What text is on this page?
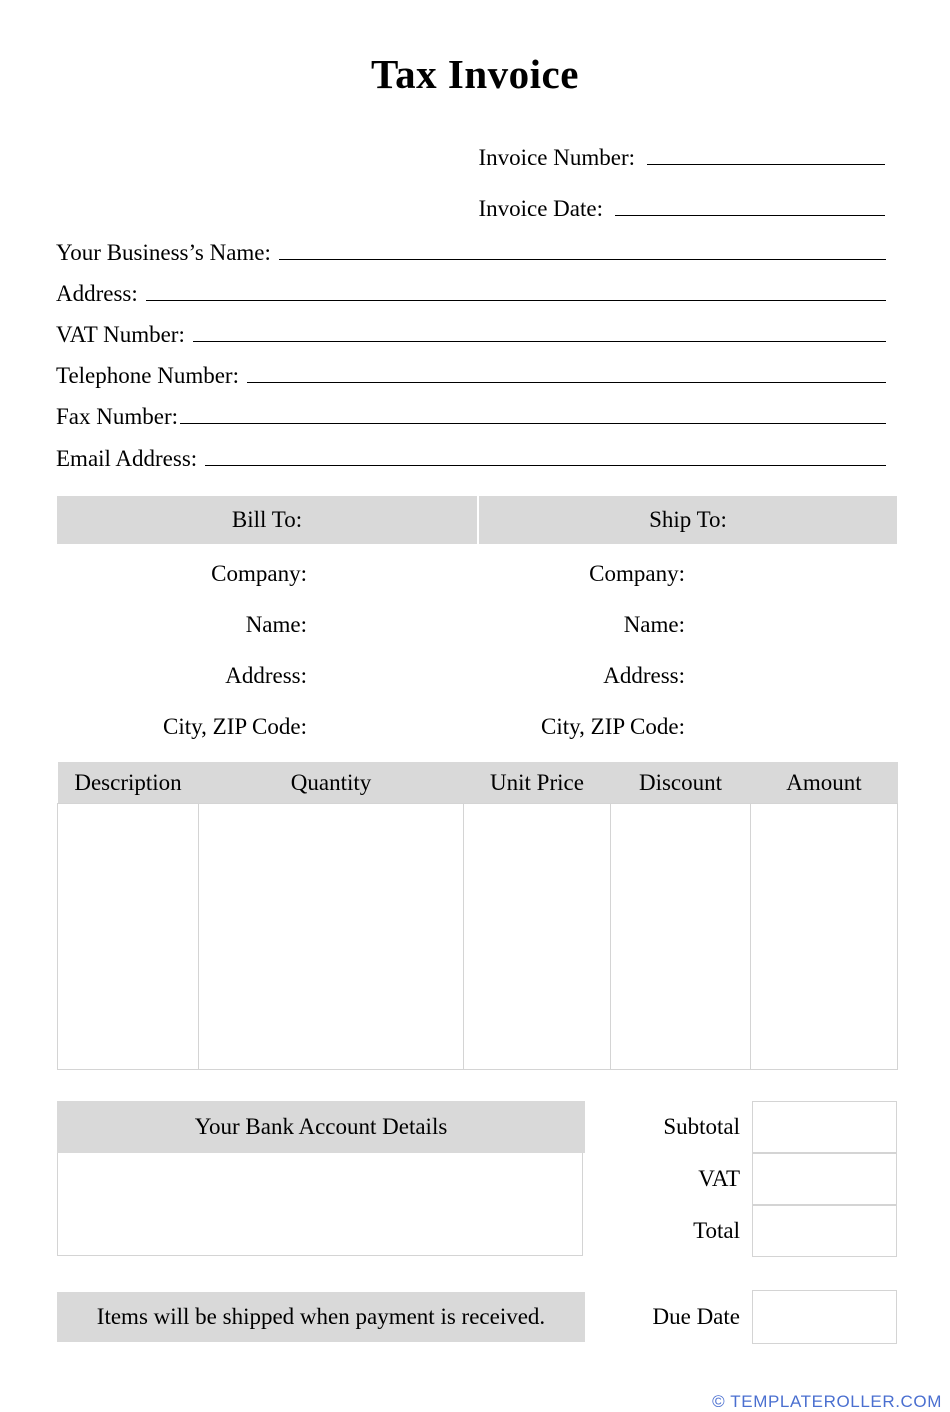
Tax Invoice
Invoice Number:
Invoice Date:
Your Business’s Name:
Address:
VAT Number:
Telephone Number:
Fax Number:
Email Address:
Bill To:	Ship To:
Company:	Company:
Name:	Name:
Address:	Address:
City, ZIP Code:	City, ZIP Code:
Description	Quantity	Unit Price	Discount	Amount

Your Bank Account Details	Subtotal
VAT
Total
Items will be shipped when payment is received.	Due Date
© TEMPLATEROLLER.COM
